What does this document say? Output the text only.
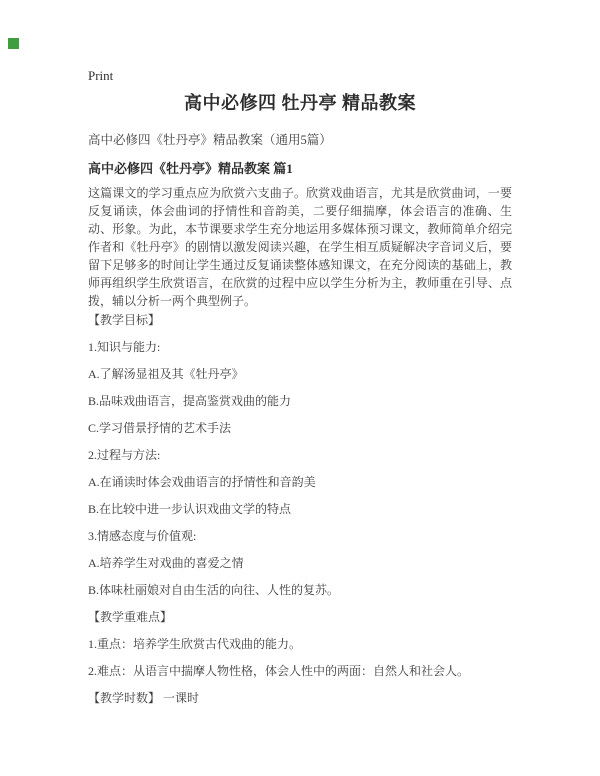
Print
高中必修四 牡丹亭 精品教案

高中必修四《牡丹亭》精品教案（通用5篇）

高中必修四《牡丹亭》精品教案 篇1

这篇课文的学习重点应为欣赏六支曲子。欣赏戏曲语言，尤其是欣赏曲词，一要反复诵读，体会曲词的抒情性和音韵美，二要仔细揣摩，体会语言的准确、生动、形象。为此，本节课要求学生充分地运用多媒体预习课文，教师简单介绍完作者和《牡丹亭》的剧情以激发阅读兴趣，在学生相互质疑解决字音词义后，要留下足够多的时间让学生通过反复诵读整体感知课文，在充分阅读的基础上，教师再组织学生欣赏语言，在欣赏的过程中应以学生分析为主，教师重在引导、点拨，辅以分析一两个典型例子。

【教学目标】

1.知识与能力:

A.了解汤显祖及其《牡丹亭》

B.品味戏曲语言，提高鉴赏戏曲的能力

C.学习借景抒情的艺术手法

2.过程与方法:

A.在诵读时体会戏曲语言的抒情性和音韵美

B.在比较中进一步认识戏曲文学的特点

3.情感态度与价值观:

A.培养学生对戏曲的喜爱之情

B.体味杜丽娘对自由生活的向往、人性的复苏。

【教学重难点】

1.重点：培养学生欣赏古代戏曲的能力。

2.难点：从语言中揣摩人物性格，体会人性中的两面：自然人和社会人。

【教学时数】 一课时
